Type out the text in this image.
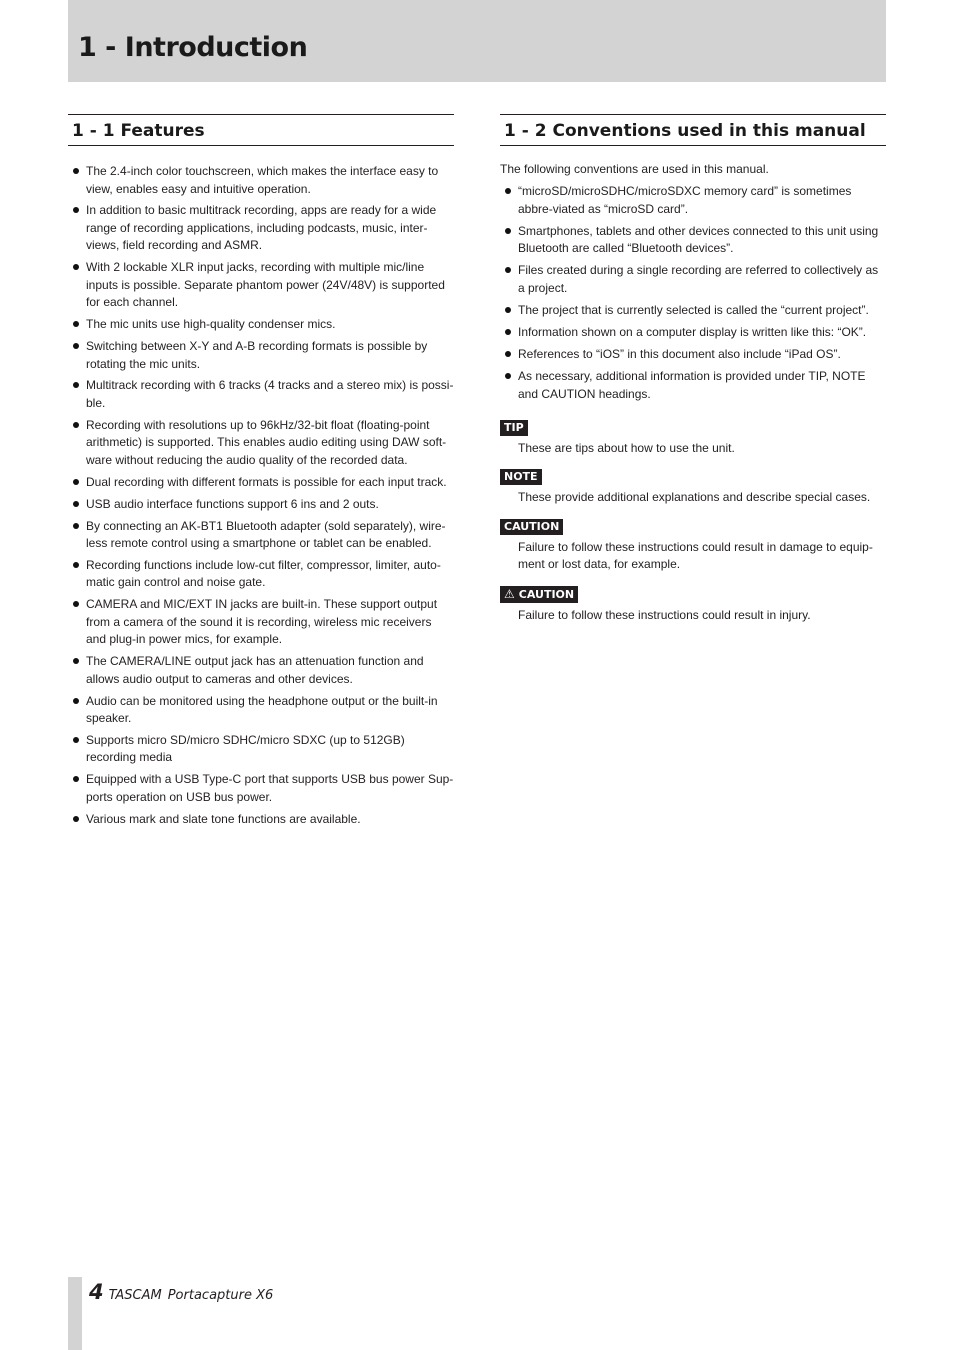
1 - Introduction
1 - 1 Features
The 2.4-inch color touchscreen, which makes the interface easy to view, enables easy and intuitive operation.
In addition to basic multitrack recording, apps are ready for a wide range of recording applications, including podcasts, music, inter-views, field recording and ASMR.
With 2 lockable XLR input jacks, recording with multiple mic/line inputs is possible. Separate phantom power (24V/48V) is supported for each channel.
The mic units use high-quality condenser mics.
Switching between X-Y and A-B recording formats is possible by rotating the mic units.
Multitrack recording with 6 tracks (4 tracks and a stereo mix) is possi-ble.
Recording with resolutions up to 96kHz/32-bit float (floating-point arithmetic) is supported. This enables audio editing using DAW soft-ware without reducing the audio quality of the recorded data.
Dual recording with different formats is possible for each input track.
USB audio interface functions support 6 ins and 2 outs.
By connecting an AK-BT1 Bluetooth adapter (sold separately), wire-less remote control using a smartphone or tablet can be enabled.
Recording functions include low-cut filter, compressor, limiter, auto-matic gain control and noise gate.
CAMERA and MIC/EXT IN jacks are built-in. These support output from a camera of the sound it is recording, wireless mic receivers and plug-in power mics, for example.
The CAMERA/LINE output jack has an attenuation function and allows audio output to cameras and other devices.
Audio can be monitored using the headphone output or the built-in speaker.
Supports micro SD/micro SDHC/micro SDXC (up to 512GB) recording media
Equipped with a USB Type-C port that supports USB bus power Sup-ports operation on USB bus power.
Various mark and slate tone functions are available.
1 - 2 Conventions used in this manual
The following conventions are used in this manual.
“microSD/microSDHC/microSDXC memory card” is sometimes abbre-viated as “microSD card”.
Smartphones, tablets and other devices connected to this unit using Bluetooth are called “Bluetooth devices”.
Files created during a single recording are referred to collectively as a project.
The project that is currently selected is called the “current project”.
Information shown on a computer display is written like this: “OK”.
References to “iOS” in this document also include “iPad OS”.
As necessary, additional information is provided under TIP, NOTE and CAUTION headings.
TIP
These are tips about how to use the unit.
NOTE
These provide additional explanations and describe special cases.
CAUTION
Failure to follow these instructions could result in damage to equip-ment or lost data, for example.
⚠ CAUTION
Failure to follow these instructions could result in injury.
4 TASCAM Portacapture X6
